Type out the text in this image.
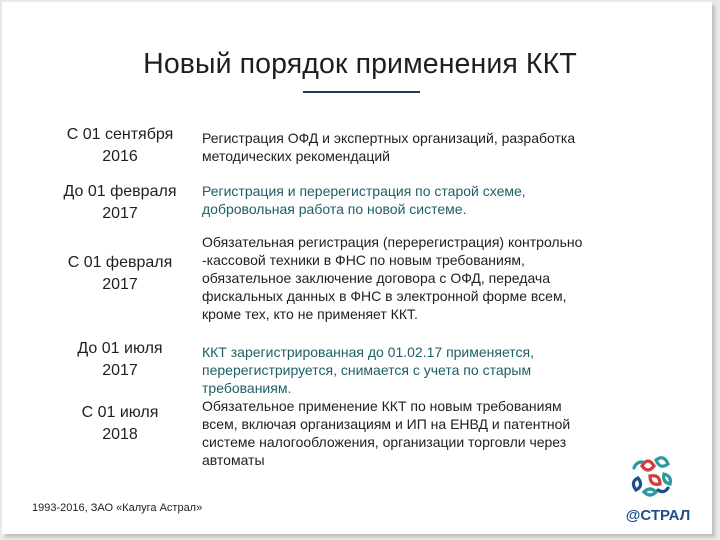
Новый порядок применения ККТ
С 01 сентября
2016
Регистрация ОФД и экспертных организаций, разработка
методических рекомендаций
До 01 февраля
2017
Регистрация и перерегистрация по старой схеме,
добровольная работа по новой системе.
С 01 февраля
2017
Обязательная регистрация (перерегистрация) контрольно
-кассовой техники в ФНС по новым требованиям,
обязательное заключение договора с ОФД, передача
фискальных данных в ФНС в электронной форме всем,
кроме тех, кто не применяет ККТ.
До 01 июля
2017
ККТ зарегистрированная до 01.02.17 применяется,
перерегистрируется, снимается с учета по старым
требованиям.
С 01 июля
2018
Обязательное применение ККТ по новым требованиям
всем, включая организациям и ИП на ЕНВД и патентной
системе налогообложения, организации торговли через
автоматы
1993-2016, ЗАО «Калуга Астрал»	@СТРАЛ
